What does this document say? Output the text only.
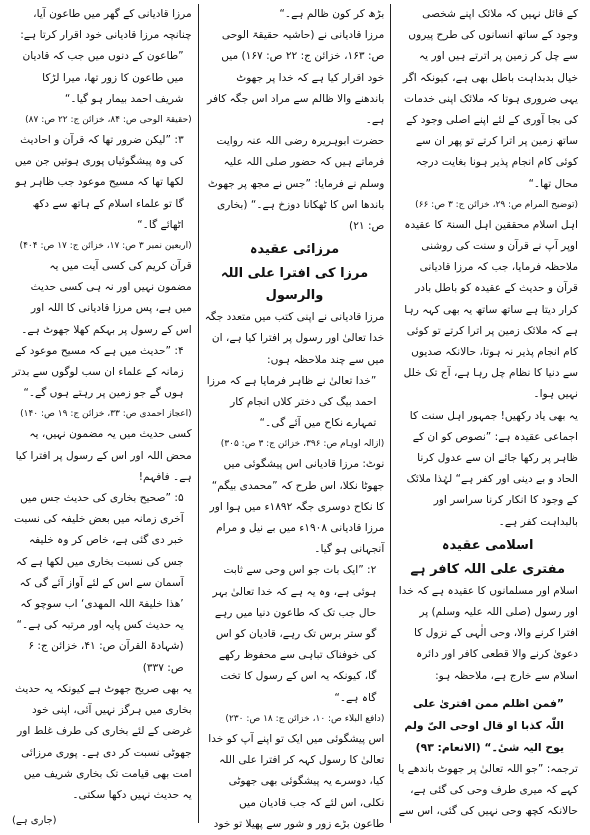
کے قائل نہیں کہ ملائک اپنے شخصی وجود کے ساتھ انسانوں کی طرح پیروں سے چل کر زمین پر اترتے ہیں اور یہ خیال بدبداہت باطل بھی ہے، کیونکہ اگر یہی ضروری ہوتا کہ ملائک اپنی خدمات کی بجا آوری کے لئے اپنے اصلی وجود کے ساتھ زمین پر اترا کرتے تو پھر ان سے کوئی کام انجام پذیر ہونا بغایت درجہ محال تھا۔“

(توضیح المرام ص: ۲۹، خزائن ج: ۳ ص: ۶۶)

اہل اسلام محققین اہل السنۃ کا عقیدہ اوپر آپ نے قرآن و سنت کی روشنی ملاحظہ فرمایا، جب کہ مرزا قادیانی قرآن و حدیث کے عقیدہ کو باطل بادر کرار دیتا ہے ساتھ ساتھ یہ بھی کہہ رہا ہے کہ ملائک زمین پر اترا کرتے تو کوئی کام انجام پذیر نہ ہوتا، حالانکہ صدیوں سے دنیا کا نظام چل رہا ہے، آج تک خلل نہیں ہوا۔

یہ بھی یاد رکھیں! جمہور اہل سنت کا اجماعی عقیدہ ہے: ”نصوص کو ان کے ظاہر پر رکھا جائے ان سے عدول کرنا الحاد و بے دینی اور کفر ہے“ لہٰذا ملائک کے وجود کا انکار کرنا سراسر اور بالبداہت کفر ہے۔

اسلامی عقیدہ

مفتری علی اللہ کافر ہے

اسلام اور مسلمانوں کا عقیدہ ہے کہ خدا اور رسول (صلی اللہ علیہ وسلم) پر افترا کرنے والا، وحی الٰہی کے نزول کا دعویٰ کرنے والا قطعی کافر اور دائرہ اسلام سے خارج ہے، ملاحظہ ہو:

”فمن اظلم ممن افتریٰ علی اللّٰہ کذبا او قال اوحی الیّ ولم یوح الیہ شیٔ۔“ (الانعام: ۹۳)

ترجمہ: ”جو اللہ تعالیٰ پر جھوٹ باندھے یا کہے کہ میری طرف وحی کی گئی ہے، حالانکہ کچھ وحی نہیں کی گئی، اس سے

بڑھ کر کون ظالم ہے۔“

مرزا قادیانی نے (حاشیہ حقیقۃ الوحی ص: ۱۶۳، خزائن ج: ۲۲ ص: ۱۶۷) میں خود اقرار کیا ہے کہ خدا پر جھوٹ باندھنے والا ظالم سے مراد اس جگہ کافر ہے۔

حضرت ابوہریرہ رضی اللہ عنہ روایت فرماتے ہیں کہ حضور صلی اللہ علیہ وسلم نے فرمایا: ”جس نے مجھ پر جھوٹ باندھا اس کا ٹھکانا دوزخ ہے۔“ (بخاری ص: ۲۱)

مرزائی عقیدہ

مرزا کی افترا علی اللہ والرسول

مرزا قادیانی نے اپنی کتب میں متعدد جگہ خدا تعالیٰ اور رسول پر افترا کیا ہے، ان میں سے چند ملاحظہ ہوں:

”خدا تعالیٰ نے ظاہر فرمایا ہے کہ مرزا احمد بیگ کی دختر کلاں انجام کار تمہارے نکاح میں آئے گی۔“

(ازالہ اوہام ص: ۳۹۶، خزائن ج: ۳ ص: ۳۰۵)

نوٹ: مرزا قادیانی اس پیشگوئی میں جھوٹا نکلا، اس طرح کہ ”محمدی بیگم“ کا نکاح دوسری جگہ ۱۸۹۲ء میں ہوا اور مرزا قادیانی ۱۹۰۸ء میں بے نیل و مرام آنجہانی ہو گیا۔

۲: ”ایک بات جو اس وحی سے ثابت ہوئی ہے، وہ یہ ہے کہ خدا تعالیٰ بہر حال جب تک کہ طاعون دنیا میں رہے گو ستر برس تک رہے، قادیان کو اس کی خوفناک تباہی سے محفوظ رکھے گا، کیونکہ یہ اس کے رسول کا تخت گاہ ہے۔“

(دافع البلاء ص: ۱۰، خزائن ج: ۱۸ ص: ۲۳۰)

اس پیشگوئی میں ایک تو اپنے آپ کو خدا تعالیٰ کا رسول کہہ کر افترا علی اللہ کیا، دوسرے یہ پیشگوئی بھی جھوٹی نکلی، اس لئے کہ جب قادیان میں طاعون بڑے زور و شور سے پھیلا تو خود

مرزا قادیانی کے گھر میں طاعون آیا، چنانچہ مرزا قادیانی خود اقرار کرتا ہے:

”طاعون کے دنوں میں جب کہ قادیان میں طاعون کا زور تھا، میرا لڑکا شریف احمد بیمار ہو گیا۔“

(حقیقۃ الوحی ص: ۸۴، خزائن ج: ۲۲ ص: ۸۷)

۳: ”لیکن ضرور تھا کہ قرآن و احادیث کی وہ پیشگوئیاں پوری ہوتیں جن میں لکھا تھا کہ مسیح موعود جب ظاہر ہو گا تو علماء اسلام کے ہاتھ سے دکھ اٹھائے گا۔“

(اربعین نمبر ۳ ص: ۱۷، خزائن ج: ۱۷ ص: ۴۰۴)

قرآن کریم کی کسی آیت میں یہ مضمون نہیں اور نہ ہی کسی حدیث میں ہے، پس مرزا قادیانی کا اللہ اور اس کے رسول پر بہکم کھلا جھوٹ ہے۔

۴: ”حدیث میں ہے کہ مسیح موعود کے زمانہ کے علماء ان سب لوگوں سے بدتر ہوں گے جو زمین پر رہتے ہوں گے۔“

(اعجاز احمدی ص: ۳۳، خزائن ج: ۱۹ ص: ۱۴۰)

کسی حدیث میں یہ مضمون نہیں، یہ محض اللہ اور اس کے رسول پر افترا کیا ہے۔ فافہم!

۵: ”صحیح بخاری کی حدیث جس میں آخری زمانہ میں بعض خلیفہ کی نسبت خبر دی گئی ہے، خاص کر وہ خلیفہ جس کی نسبت بخاری میں لکھا ہے کہ آسمان سے اس کے لئے آواز آئے گی کہ ’ھذا خلیفۃ اللہ المھدی‘ اب سوچو کہ یہ حدیث کس پایہ اور مرتبہ کی ہے۔“ (شہادۃ القرآن ص: ۴۱، خزائن ج: ۶ ص: ۳۳۷)

یہ بھی صریح جھوٹ ہے کیونکہ یہ حدیث بخاری میں ہرگز نہیں آئی، اپنی خود غرضی کے لئے بخاری کی طرف غلط اور جھوٹی نسبت کر دی ہے۔ پوری مرزائی امت بھی قیامت تک بخاری شریف میں یہ حدیث نہیں دکھا سکتی۔

(جاری ہے)
